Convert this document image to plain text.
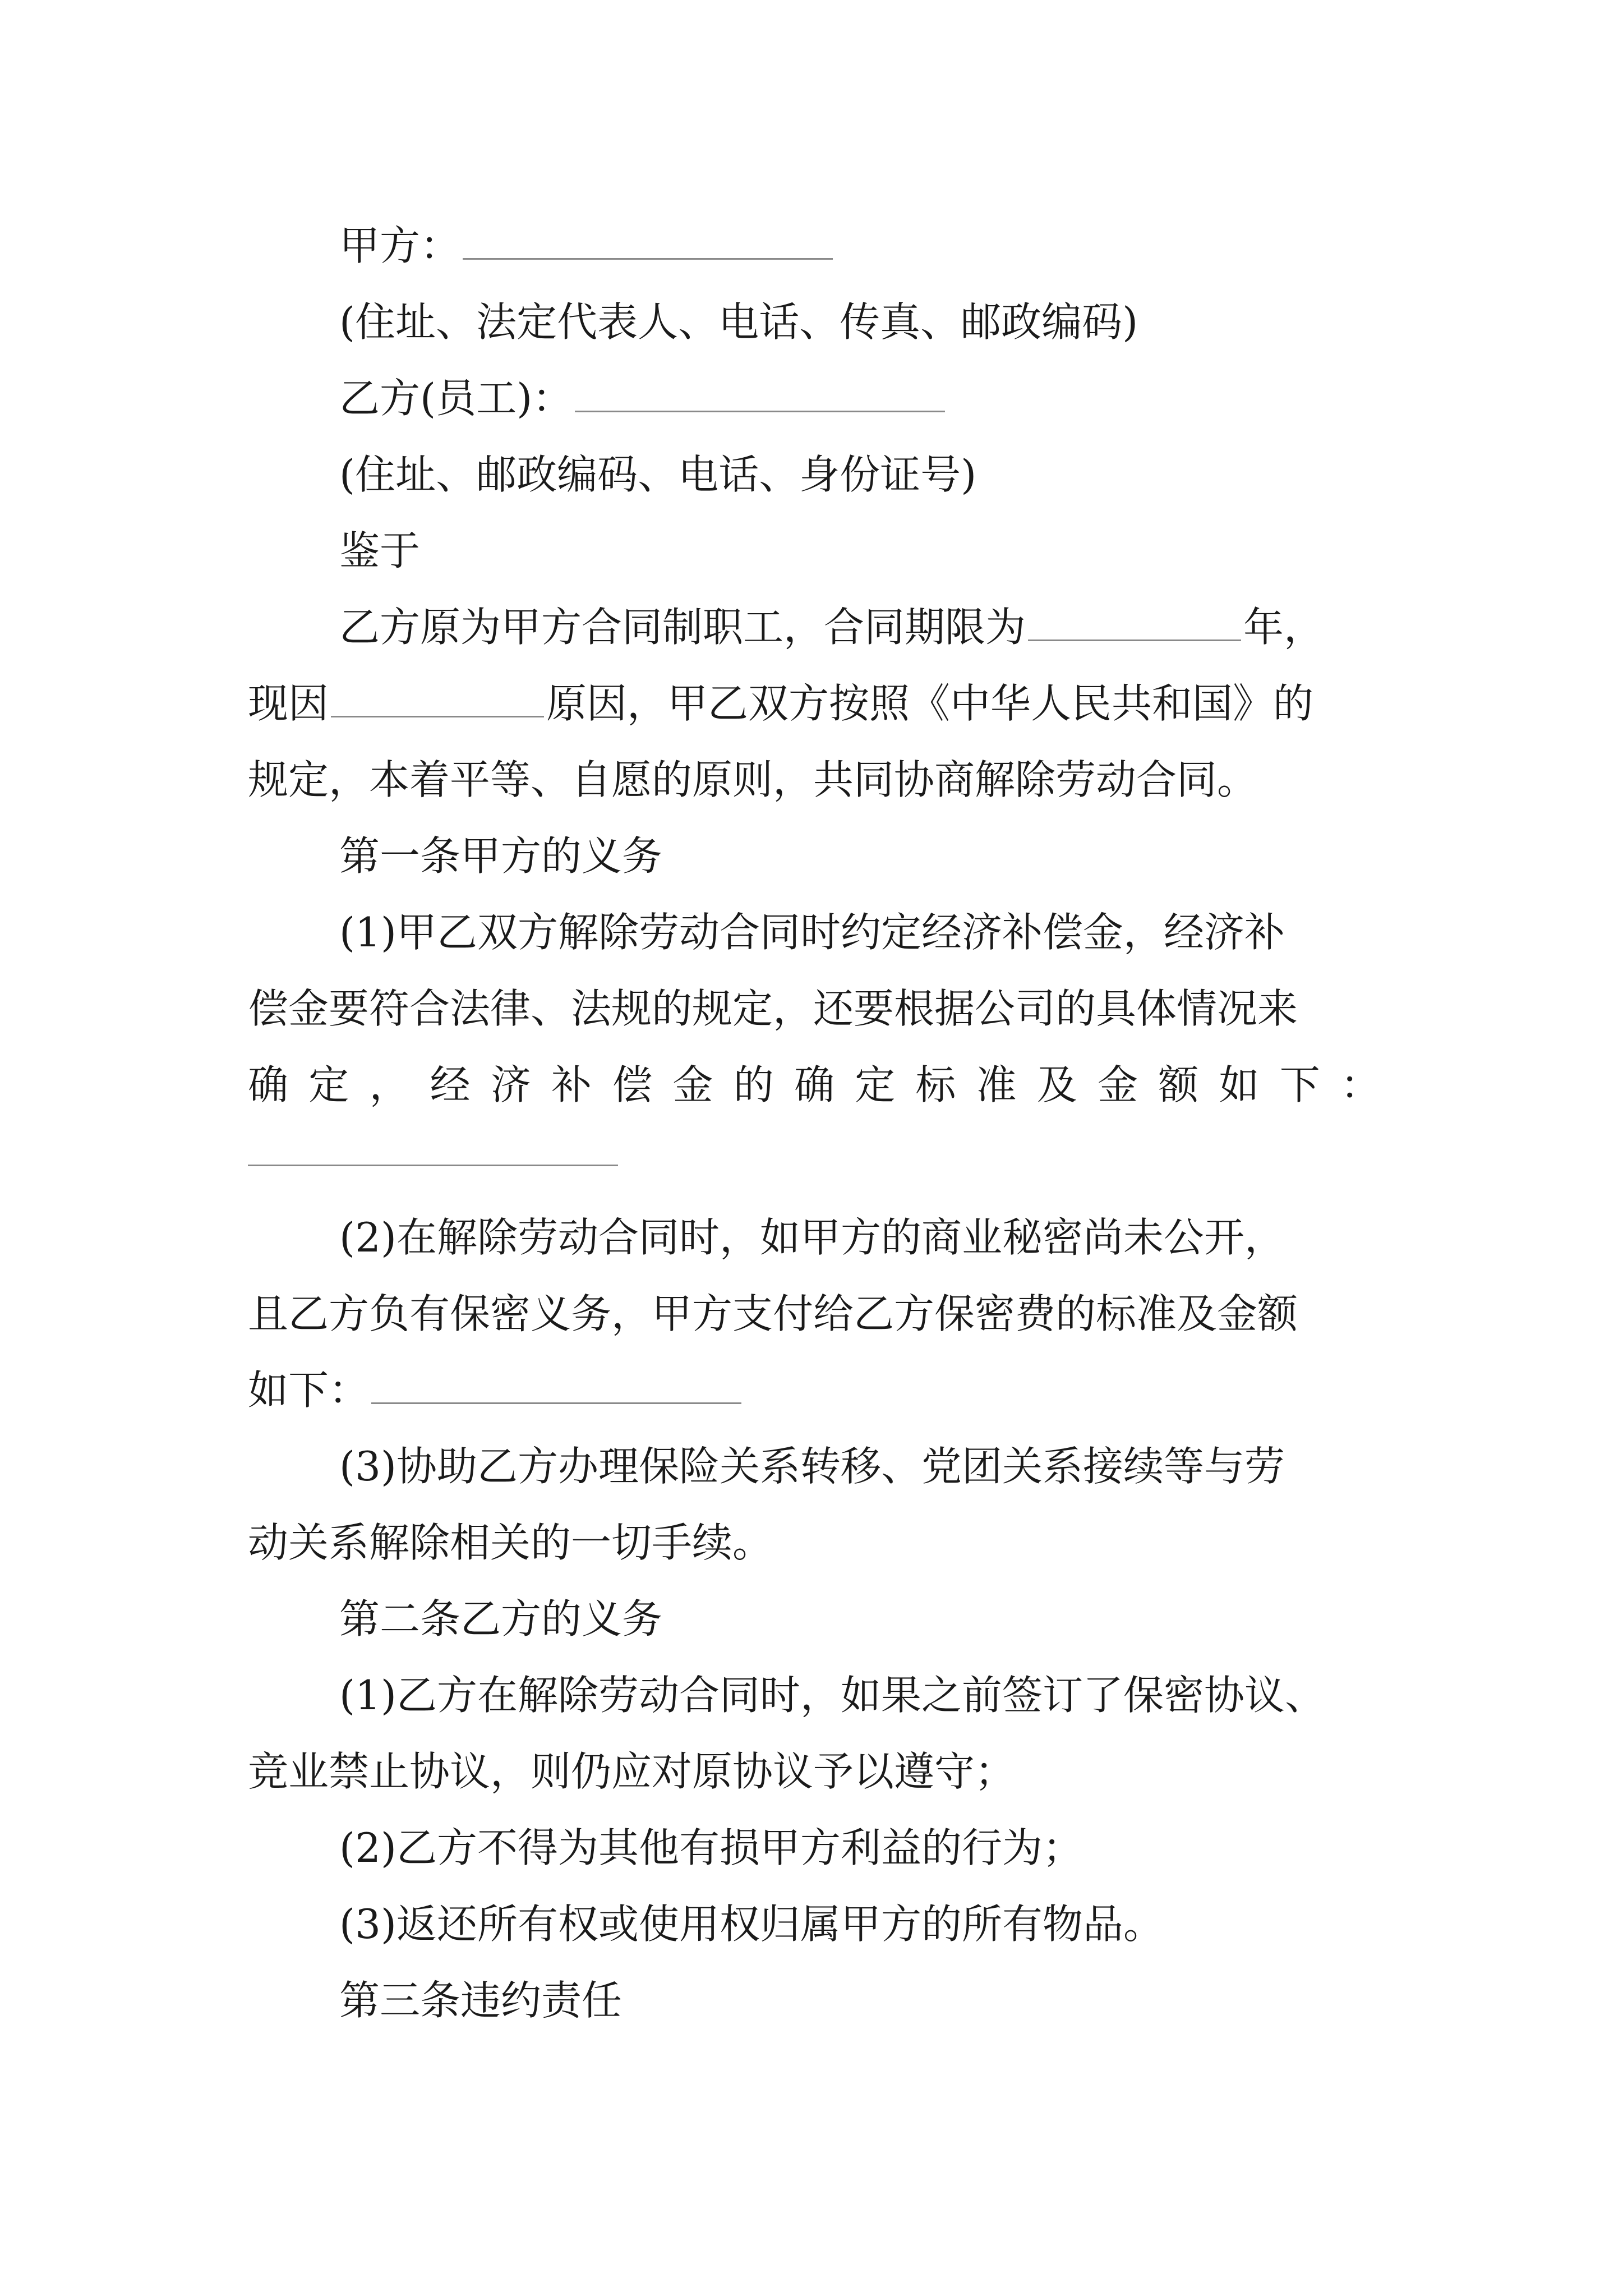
甲方：
(住址、法定代表人、电话、传真、邮政编码)
乙方(员工)：
(住址、邮政编码、电话、身份证号)
鉴于
乙方原为甲方合同制职工，合同期限为	年，
现因	原因，甲乙双方按照《中华人民共和国》的
规定，本着平等、自愿的原则，共同协商解除劳动合同。
第一条甲方的义务
(1)甲乙双方解除劳动合同时约定经济补偿金，经济补
偿金要符合法律、法规的规定，还要根据公司的具体情况来
确 定 ， 经 济 补 偿 金 的 确 定 标 准 及 金 额 如 下 ：
(2)在解除劳动合同时，如甲方的商业秘密尚未公开，
且乙方负有保密义务，甲方支付给乙方保密费的标准及金额
如下：
(3)协助乙方办理保险关系转移、党团关系接续等与劳
动关系解除相关的一切手续。
第二条乙方的义务
(1)乙方在解除劳动合同时，如果之前签订了保密协议、
竞业禁止协议，则仍应对原协议予以遵守；
(2)乙方不得为其他有损甲方利益的行为；
(3)返还所有权或使用权归属甲方的所有物品。
第三条违约责任
